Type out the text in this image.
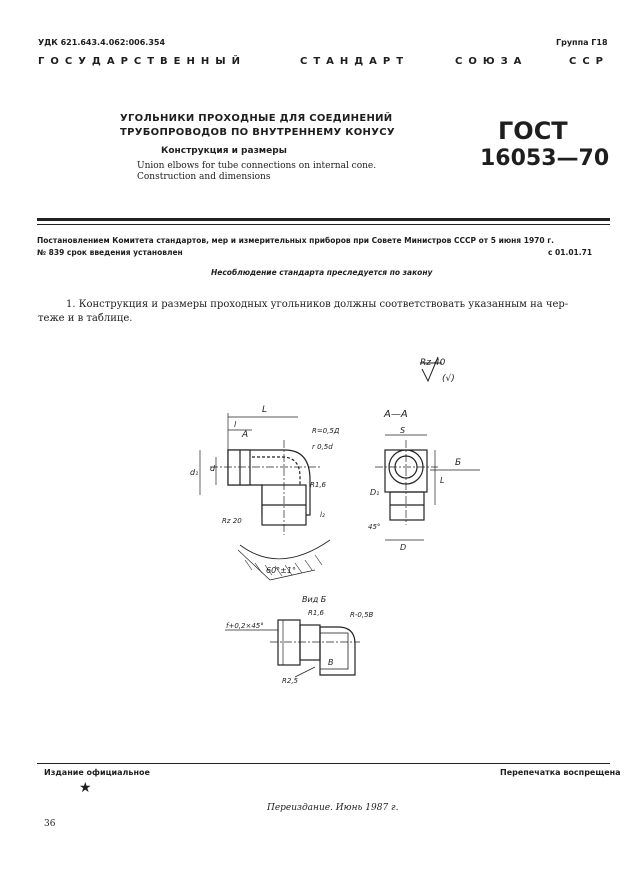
УДК 621.643.4.062:006.354	Группа Г18
ГОСУДАРСТВЕННЫЙ	СТАНДАРТ	СОЮЗА	ССР
УГОЛЬНИКИ ПРОХОДНЫЕ ДЛЯ СОЕДИНЕНИЙ
ТРУБОПРОВОДОВ ПО ВНУТРЕННЕМУ КОНУСУ
Конструкция и размеры
Union elbows for tube connections on internal cone.
Construction and dimensions
ГОСТ
16053—70
Постановлением Комитета стандартов, мер и измерительных приборов при Совете Министров СССР от 5 июня 1970 г.
№ 839 срок введения установлен	с 01.01.71
Несоблюдение стандарта преследуется по закону
1. Конструкция и размеры проходных угольников должны соответствовать указанным на чер-
теже и в таблице.
Rz 40
(√)
L
l
A	R=0,5Д
r 0,5d
R1,6
d₁ d
l₂
Rz 20
60°±1°
А—А
S
Б
L
D₁
45°
D
Вид Б
R1,6	R-0,5В
f+0,2×45°
В
R2,5
Издание официальное	Перепечатка воспрещена
★
Переиздание. Июнь 1987 г.
36
